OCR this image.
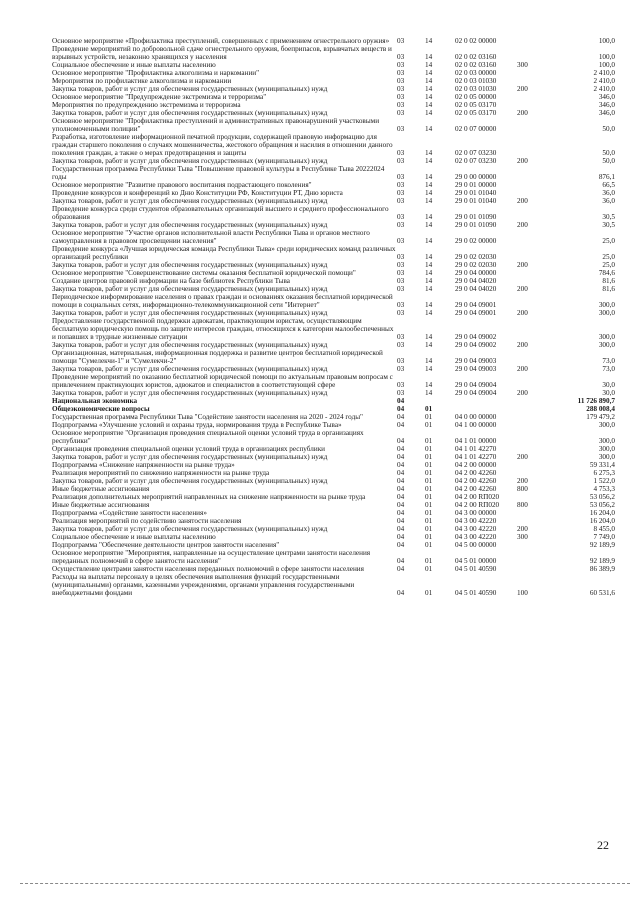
Основное мероприятие «Профилактика преступлений, совершенных с применением огнестрельного оружия»	03	14	02 0 02 00000		100,0
Проведение мероприятий по добровольной сдаче огнестрельного оружия, боеприпасов, взрывчатых веществ и взрывных устройств, незаконно хранящихся у населения	03	14	02 0 02 03160		100,0
Социальное обеспечение и иные выплаты населению	03	14	02 0 02 03160	300	100,0
Основное мероприятие "Профилактика алкоголизма и наркомании"	03	14	02 0 03 00000		2 410,0
Мероприятия по профилактике алкоголизма и наркомании	03	14	02 0 03 01030		2 410,0
Закупка товаров, работ и услуг для обеспечения государственных (муниципальных) нужд	03	14	02 0 03 01030	200	2 410,0
Основное мероприятие "Предупреждение экстремизма и терроризма"	03	14	02 0 05 00000		346,0
Мероприятия по предупреждению экстремизма и терроризма	03	14	02 0 05 03170		346,0
Закупка товаров, работ и услуг для обеспечения государственных (муниципальных) нужд	03	14	02 0 05 03170	200	346,0
Основное мероприятие "Профилактика преступлений и административных правонарушений участковыми уполномоченными полиции"	03	14	02 0 07 00000		50,0
Разработка, изготовление информационной печатной продукции, содержащей правовую информацию для граждан старшего поколения о случаях мошенничества, жестокого обращения и насилия в отношении данного поколения граждан, а также о мерах предотвращения и защиты	03	14	02 0 07 03230		50,0
Закупка товаров, работ и услуг для обеспечения государственных (муниципальных) нужд	03	14	02 0 07 03230	200	50,0
Государственная программа Республики Тыва "Повышение правовой культуры в Республике Тыва 20222024 годы	03	14	29 0 00 00000		876,1
Основное мероприятие "Развитие правового воспитания подрастающего поколения"	03	14	29 0 01 00000		66,5
Проведение конкурсов и конференций ко Дню Конституции РФ, Конституции РТ, Дню юриста	03	14	29 0 01 01040		36,0
Закупка товаров, работ и услуг для обеспечения государственных (муниципальных) нужд	03	14	29 0 01 01040	200	36,0
Проведение конкурса среди студентов образовательных организаций высшего и среднего профессионального образования	03	14	29 0 01 01090		30,5
Закупка товаров, работ и услуг для обеспечения государственных (муниципальных) нужд	03	14	29 0 01 01090	200	30,5
Основное мероприятие "Участие органов исполнительной власти Республики Тыва и органов местного самоуправления в правовом просвещении населения"	03	14	29 0 02 00000		25,0
Проведение конкурса «Лучшая юридическая команда Республики Тыва» среди юридических команд различных организаций республики	03	14	29 0 02 02030		25,0
Закупка товаров, работ и услуг для обеспечения государственных (муниципальных) нужд	03	14	29 0 02 02030	200	25,0
Основное мероприятие "Совершенствование системы оказания бесплатной юридической помощи"	03	14	29 0 04 00000		784,6
Создание центров правовой информации на базе библиотек Республики Тыва	03	14	29 0 04 04020		81,6
Закупка товаров, работ и услуг для обеспечения государственных (муниципальных) нужд	03	14	29 0 04 04020	200	81,6
Периодическое информирование населения о правах граждан и основаниях оказания бесплатной юридической помощи в социальных сетях, информационно-телекоммуникационной сети "Интернет"	03	14	29 0 04 09001		300,0
Закупка товаров, работ и услуг для обеспечения государственных (муниципальных) нужд	03	14	29 0 04 09001	200	300,0
Предоставление государственной поддержки адвокатам, практикующим юристам, осуществляющим бесплатную юридическую помощь по защите интересов граждан, относящихся к категории малообеспеченных и попавших в трудные жизненные ситуации	03	14	29 0 04 09002		300,0
Закупка товаров, работ и услуг для обеспечения государственных (муниципальных) нужд	03	14	29 0 04 09002	200	300,0
Организационная, материальная, информационная поддержка и развитие центров бесплатной юридической помощи "Сумелекчи-1" и "Сумелекчи-2"	03	14	29 0 04 09003		73,0
Закупка товаров, работ и услуг для обеспечения государственных (муниципальных) нужд	03	14	29 0 04 09003	200	73,0
Проведение мероприятий по оказанию бесплатной юридической помощи по актуальным правовым вопросам с привлечением практикующих юристов, адвокатов и специалистов в соответствующей сфере	03	14	29 0 04 09004		30,0
Закупка товаров, работ и услуг для обеспечения государственных (муниципальных) нужд	03	14	29 0 04 09004	200	30,0
Национальная экономика	04				11 726 890,7
Общеэкономические вопросы	04	01			288 008,4
Государственная программа Республики Тыва "Содействие занятости населения на 2020 - 2024 годы"	04	01	04 0 00 00000		179 479,2
Подпрограмма «Улучшение условий и охраны труда, нормирования труда в Республике Тыва»	04	01	04 1 00 00000		300,0
Основное мероприятие "Организация проведения специальной оценки условий труда в организациях республики"	04	01	04 1 01 00000		300,0
Организация проведения специальной оценки условий труда в организациях республики	04	01	04 1 01 42270		300,0
Закупка товаров, работ и услуг для обеспечения государственных (муниципальных) нужд	04	01	04 1 01 42270	200	300,0
Подпрограмма «Снижение напряженности на рынке труда»	04	01	04 2 00 00000		59 331,4
Реализация мероприятий по снижению напряженности на рынке труда	04	01	04 2 00 42260		6 275,3
Закупка товаров, работ и услуг для обеспечения государственных (муниципальных) нужд	04	01	04 2 00 42260	200	1 522,0
Иные бюджетные ассигнования	04	01	04 2 00 42260	800	4 753,3
Реализация дополнительных мероприятий направленных на снижение напряженности на рынке труда	04	01	04 2 00 RП020		53 056,2
Иные бюджетные ассигнования	04	01	04 2 00 RП020	800	53 056,2
Подпрограмма «Содействие занятости населения»	04	01	04 3 00 00000		16 204,0
Реализация мероприятий по содействию занятости населения	04	01	04 3 00 42220		16 204,0
Закупка товаров, работ и услуг для обеспечения государственных (муниципальных) нужд	04	01	04 3 00 42220	200	8 455,0
Социальное обеспечение и иные выплаты населению	04	01	04 3 00 42220	300	7 749,0
Подпрограмма "Обеспечение деятельности центров занятости населения"	04	01	04 5 00 00000		92 189,9
Основное мероприятие "Мероприятия, направленные на осуществление центрами занятости населения переданных полномочий в сфере занятости населения"	04	01	04 5 01 00000		92 189,9
Осуществление центрами занятости населения переданных полномочий в сфере занятости населения	04	01	04 5 01 40590		86 389,9
Расходы на выплаты персоналу в целях обеспечения выполнения функций государственными (муниципальными) органами, казенными учреждениями, органами управления государственными внебюджетными фондами	04	01	04 5 01 40590	100	60 531,6
22
